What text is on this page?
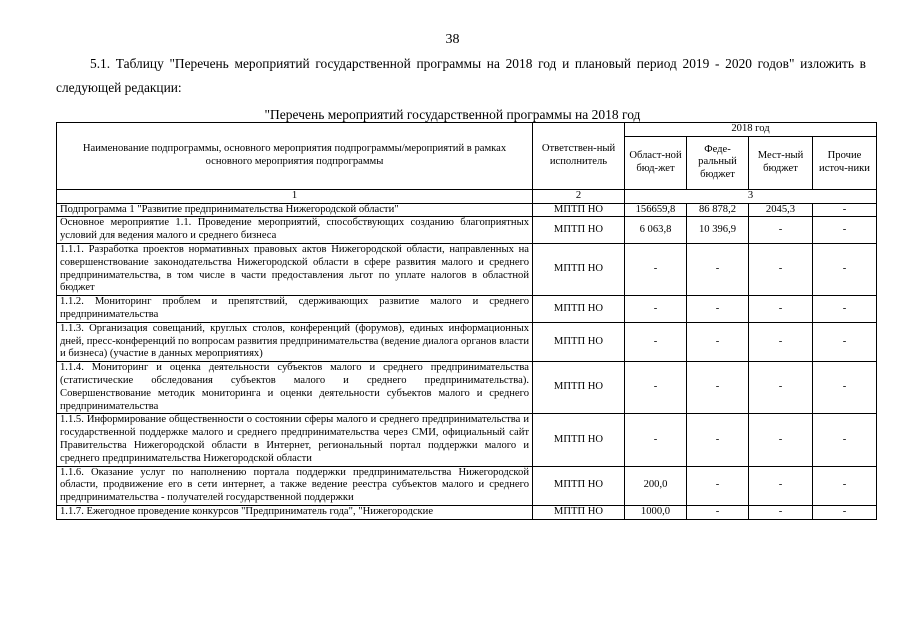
38
5.1. Таблицу "Перечень мероприятий государственной программы на 2018 год и плановый период 2019 - 2020 годов" изложить в следующей редакции:
"Перечень мероприятий государственной программы на 2018 год
Наименование подпрограммы, основного мероприятия подпрограммы/мероприятий в рамках основного мероприятия подпрограммы	Ответствен-ный исполнитель	2018 год			
		Област-ной бюд-жет	Феде-ральный бюджет	Мест-ный бюджет	Прочие источ-ники
1	2	3			
Подпрограмма 1 "Развитие предпринимательства Нижегородской области"	МПТП НО	156659,8	86 878,2	2045,3	-
Основное мероприятие 1.1. Проведение мероприятий, способствующих созданию благоприятных условий для ведения малого и среднего бизнеса	МПТП НО	6 063,8	10 396,9	-	-
1.1.1. Разработка проектов нормативных правовых актов Нижегородской области, направленных на совершенствование законодательства Нижегородской области в сфере развития малого и среднего предпринимательства, в том числе в части предоставления льгот по уплате налогов в областной бюджет	МПТП НО	-	-	-	-
1.1.2. Мониторинг проблем и препятствий, сдерживающих развитие малого и среднего предпринимательства	МПТП НО	-	-	-	-
1.1.3. Организация совещаний, круглых столов, конференций (форумов), единых информационных дней, пресс-конференций по вопросам развития предпринимательства (ведение диалога органов власти и бизнеса) (участие в данных мероприятиях)	МПТП НО	-	-	-	-
1.1.4. Мониторинг и оценка деятельности субъектов малого и среднего предпринимательства (статистические обследования субъектов малого и среднего предпринимательства). Совершенствование методик мониторинга и оценки деятельности субъектов малого и среднего предпринимательства	МПТП НО	-	-	-	-
1.1.5. Информирование общественности о состоянии сферы малого и среднего предпринимательства и государственной поддержке малого и среднего предпринимательства через СМИ, официальный сайт Правительства Нижегородской области в Интернет, региональный портал поддержки малого и среднего предпринимательства Нижегородской области	МПТП НО	-	-	-	-
1.1.6. Оказание услуг по наполнению портала поддержки предпринимательства Нижегородской области, продвижение его в сети интернет, а также ведение реестра субъектов малого и среднего предпринимательства - получателей государственной поддержки	МПТП НО	200,0	-	-	-
1.1.7. Ежегодное проведение конкурсов "Предприниматель года", "Нижегородские	МПТП НО	1000,0	-	-	-
